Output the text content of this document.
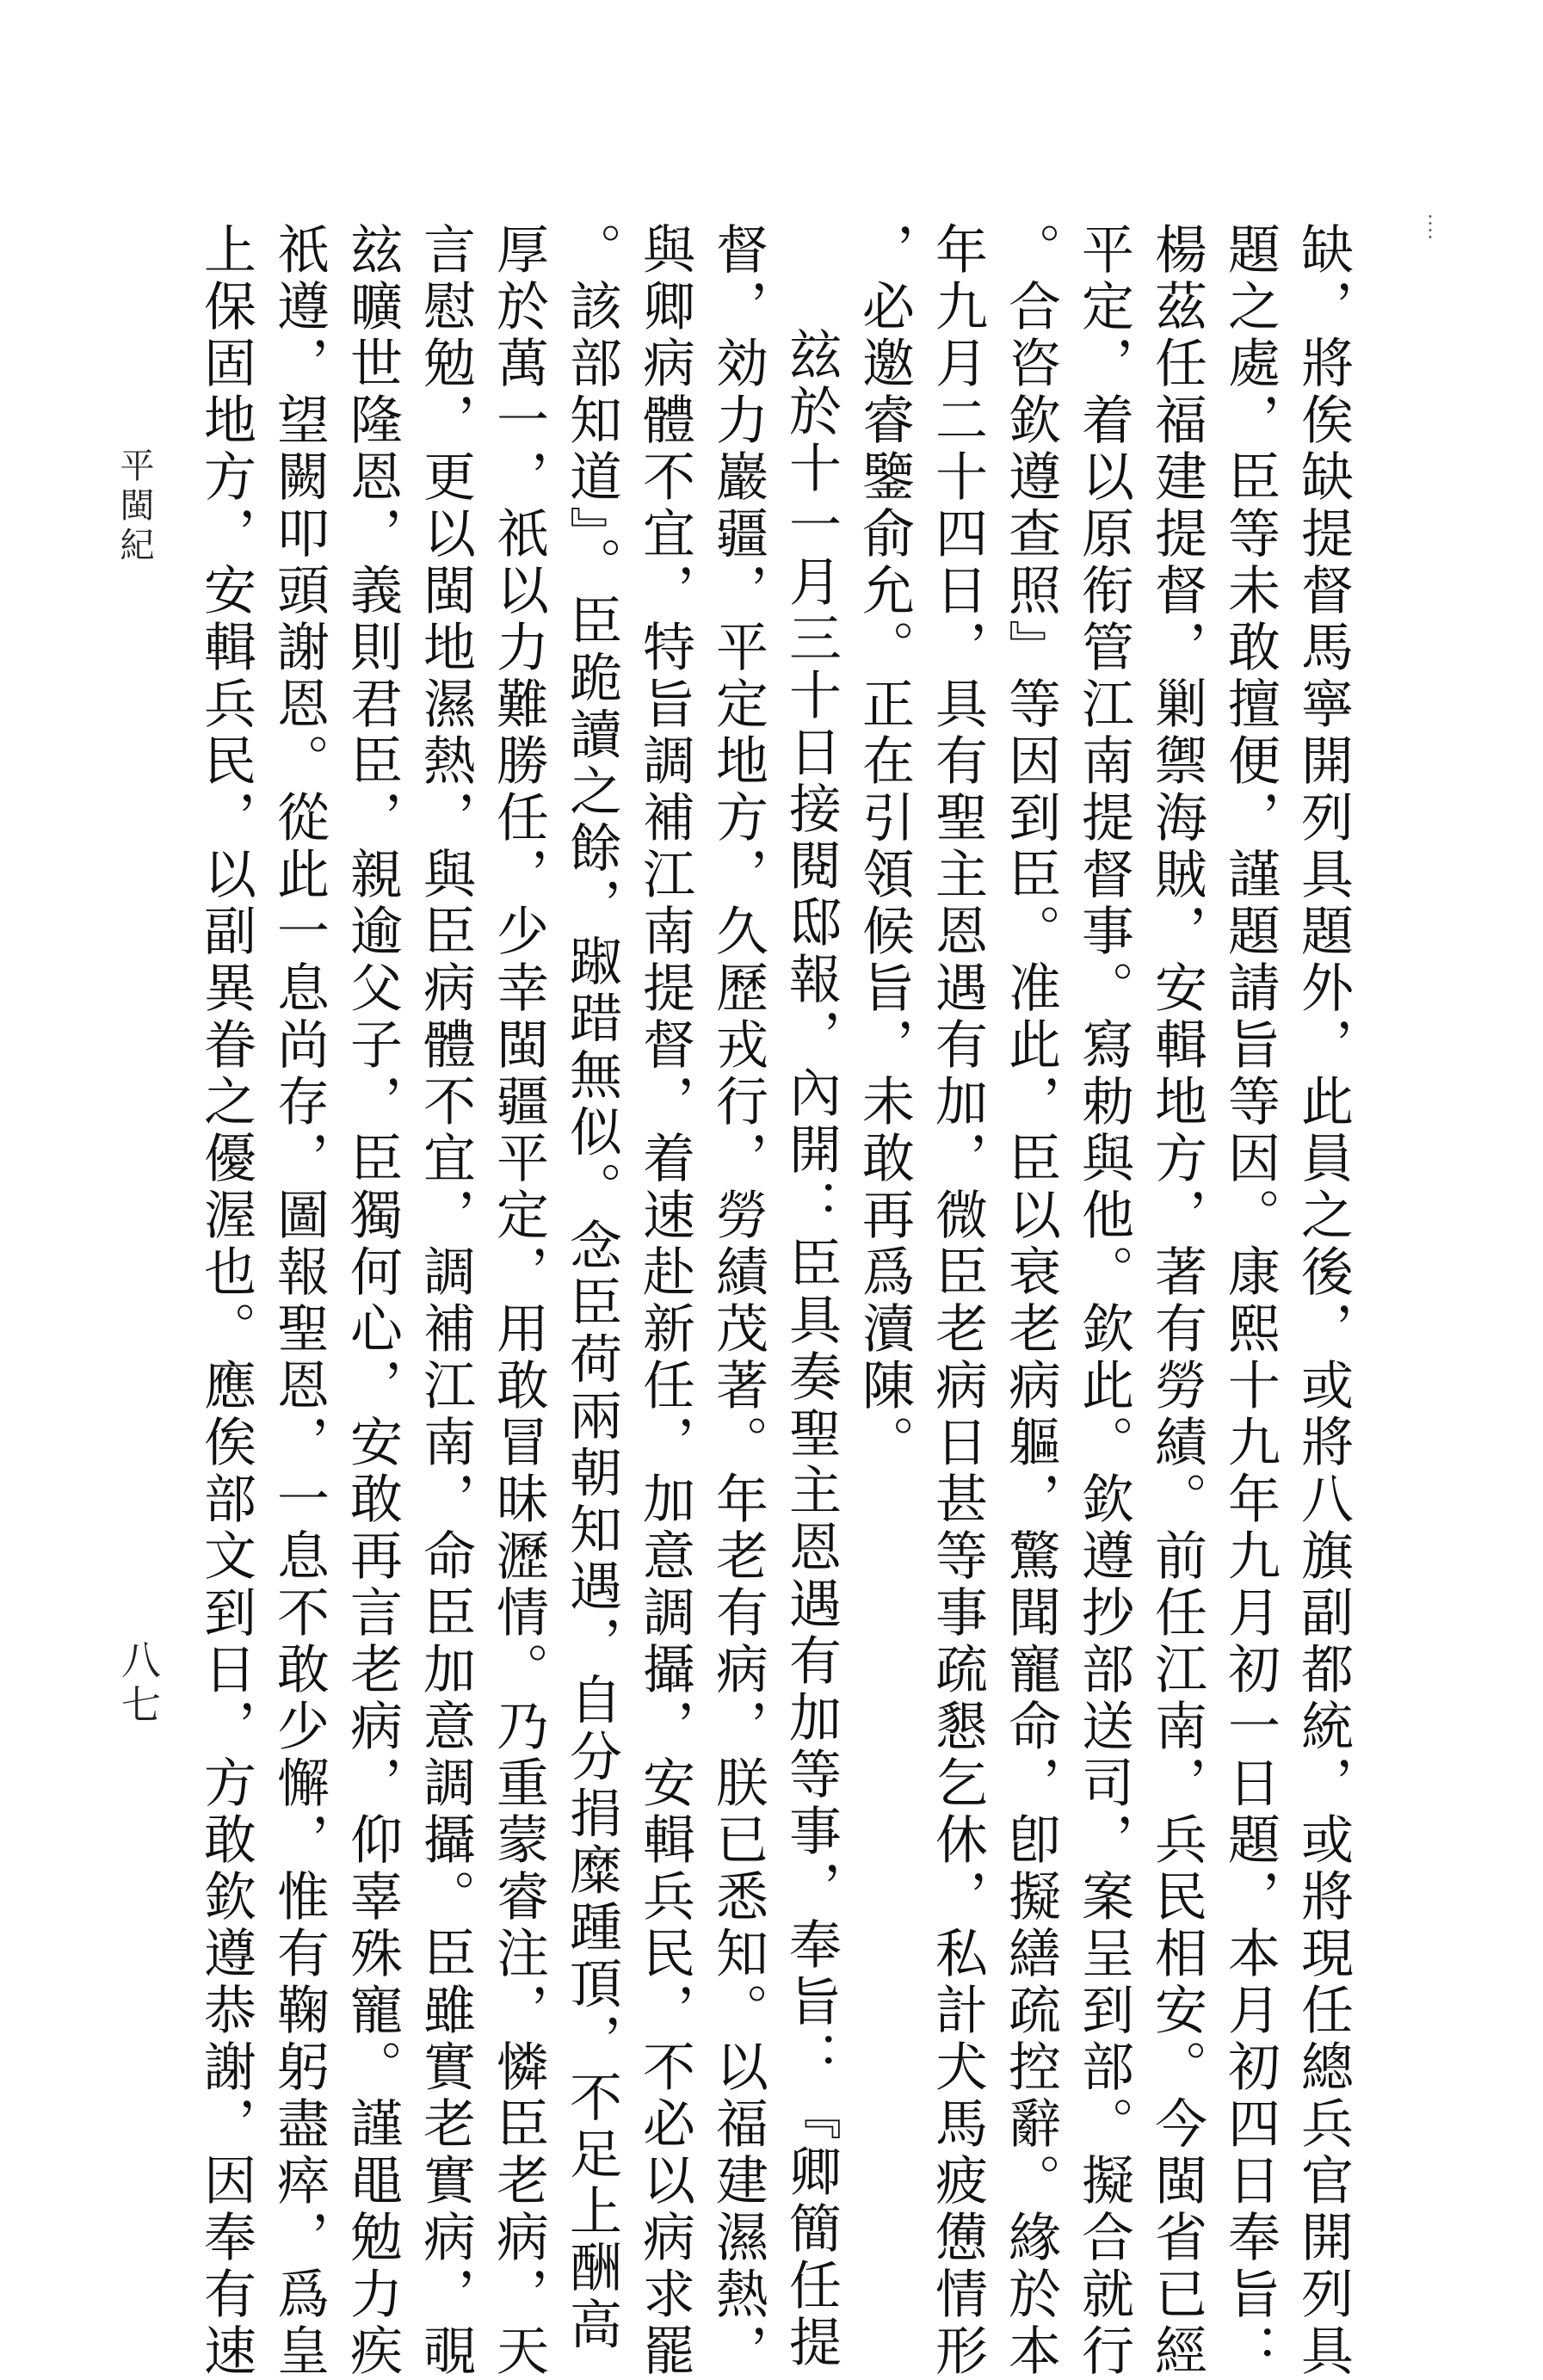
····
缺，將俟缺提督馬寧開列具題外，此員之後，或將八旗副都統，或將現任總兵官開列具
題之處，臣等未敢擅便，謹題請旨等因。康熙十九年九月初一日題，本月初四日奉旨：
楊茲任福建提督，剿禦海賊，安輯地方，著有勞績。前任江南，兵民相安。今閩省已經
平定，着以原衔管江南提督事。寫勅與他。欽此。欽遵抄部送司，案呈到部。擬合就行
。合咨欽遵查照』等因到臣。准此，臣以衰老病軀，驚聞寵命，卽擬繕疏控辭。緣於本
年九月二十四日，具有聖主恩遇有加，微臣老病日甚等事疏懇乞休，私計犬馬疲憊情形
，必邀睿鑒俞允。正在引領候旨，未敢再爲瀆陳。
玆於十一月三十日接閱邸報，內開：臣具奏聖主恩遇有加等事，奉旨：『卿簡任提
督，効力巖疆，平定地方，久歷戎行，勞績茂著。年老有病，朕已悉知。以福建濕熱，
與卿病體不宜，特旨調補江南提督，着速赴新任，加意調攝，安輯兵民，不必以病求罷
。該部知道』。臣跪讀之餘，踧踖無似。念臣荷兩朝知遇，自分捐糜踵頂，不足上酬高
厚於萬一，祇以力難勝任，少幸閩疆平定，用敢冒昧瀝情。乃重蒙睿注，憐臣老病，天
言慰勉，更以閩地濕熱，與臣病體不宜，調補江南，命臣加意調攝。臣雖實老實病，覗
玆曠世隆恩，義則君臣，親逾父子，臣獨何心，安敢再言老病，仰辜殊寵。謹黽勉力疾
祇遵，望闕叩頭謝恩。從此一息尚存，圖報聖恩，一息不敢少懈，惟有鞠躬盡瘁，爲皇
上保固地方，安輯兵民，以副異眷之優渥也。應俟部文到日，方敢欽遵恭謝，因奉有速
平閩紀
八七
